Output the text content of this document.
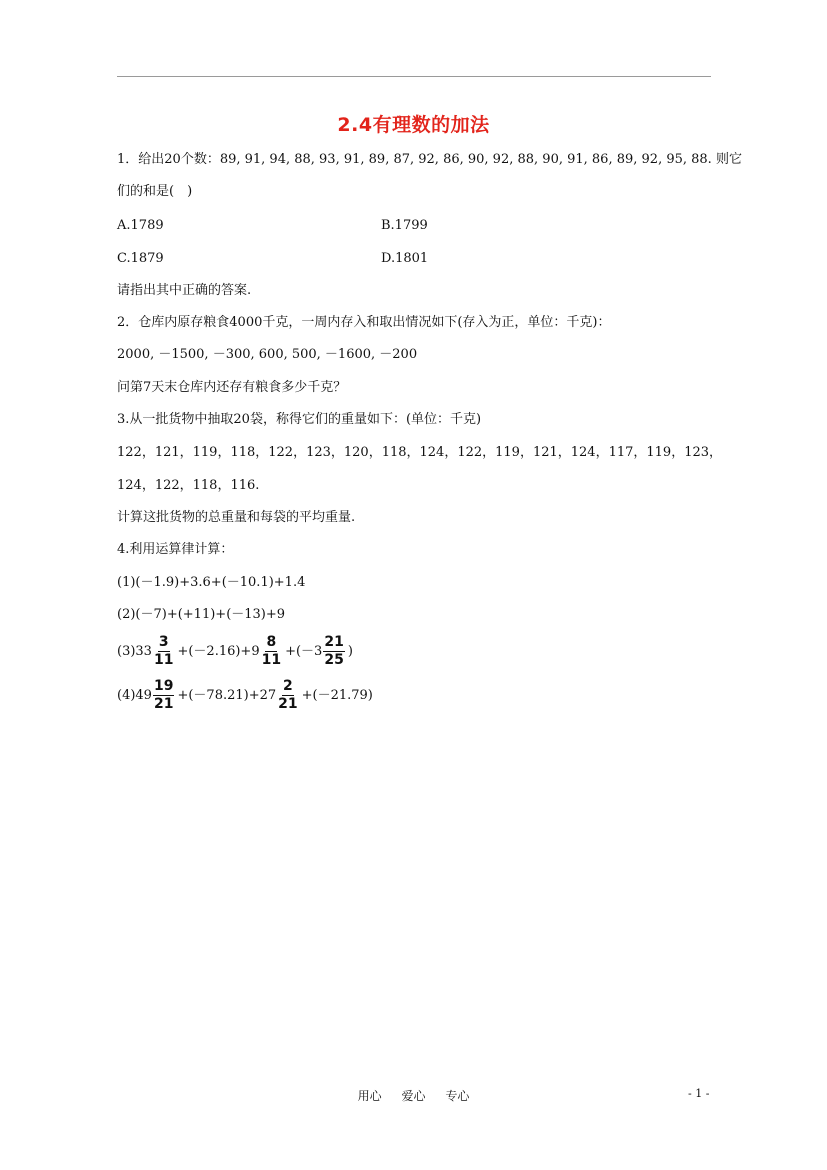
2.4有理数的加法
1．给出20个数：89, 91, 94, 88, 93, 91, 89, 87, 92, 86, 90, 92, 88, 90, 91, 86, 89, 92, 95, 88. 则它
们的和是(　)
A.1789	B.1799
C.1879	D.1801
请指出其中正确的答案.
2．仓库内原存粮食4000千克，一周内存入和取出情况如下(存入为正，单位：千克)：
2000, －1500, －300, 600, 500, －1600, －200
问第7天末仓库内还存有粮食多少千克？
3.从一批货物中抽取20袋，称得它们的重量如下：(单位：千克)
122，121，119，118，122，123，120，118，124，122，119，121，124，117，119，123，
124，122，118，116.
计算这批货物的总重量和每袋的平均重量.
4.利用运算律计算：
(1)(－1.9)+3.6+(－10.1)+1.4
(2)(－7)+(+11)+(－13)+9
$(3)33 \frac{3}{11} +(-2.16)+9 \frac{8}{11} +(-3 \frac{21}{25}$ )
$(4)49 \frac{19}{21} +(-78.21)+27 \frac{2}{21} +(-21.79)$
用心 爱心 专心	- 1 -
